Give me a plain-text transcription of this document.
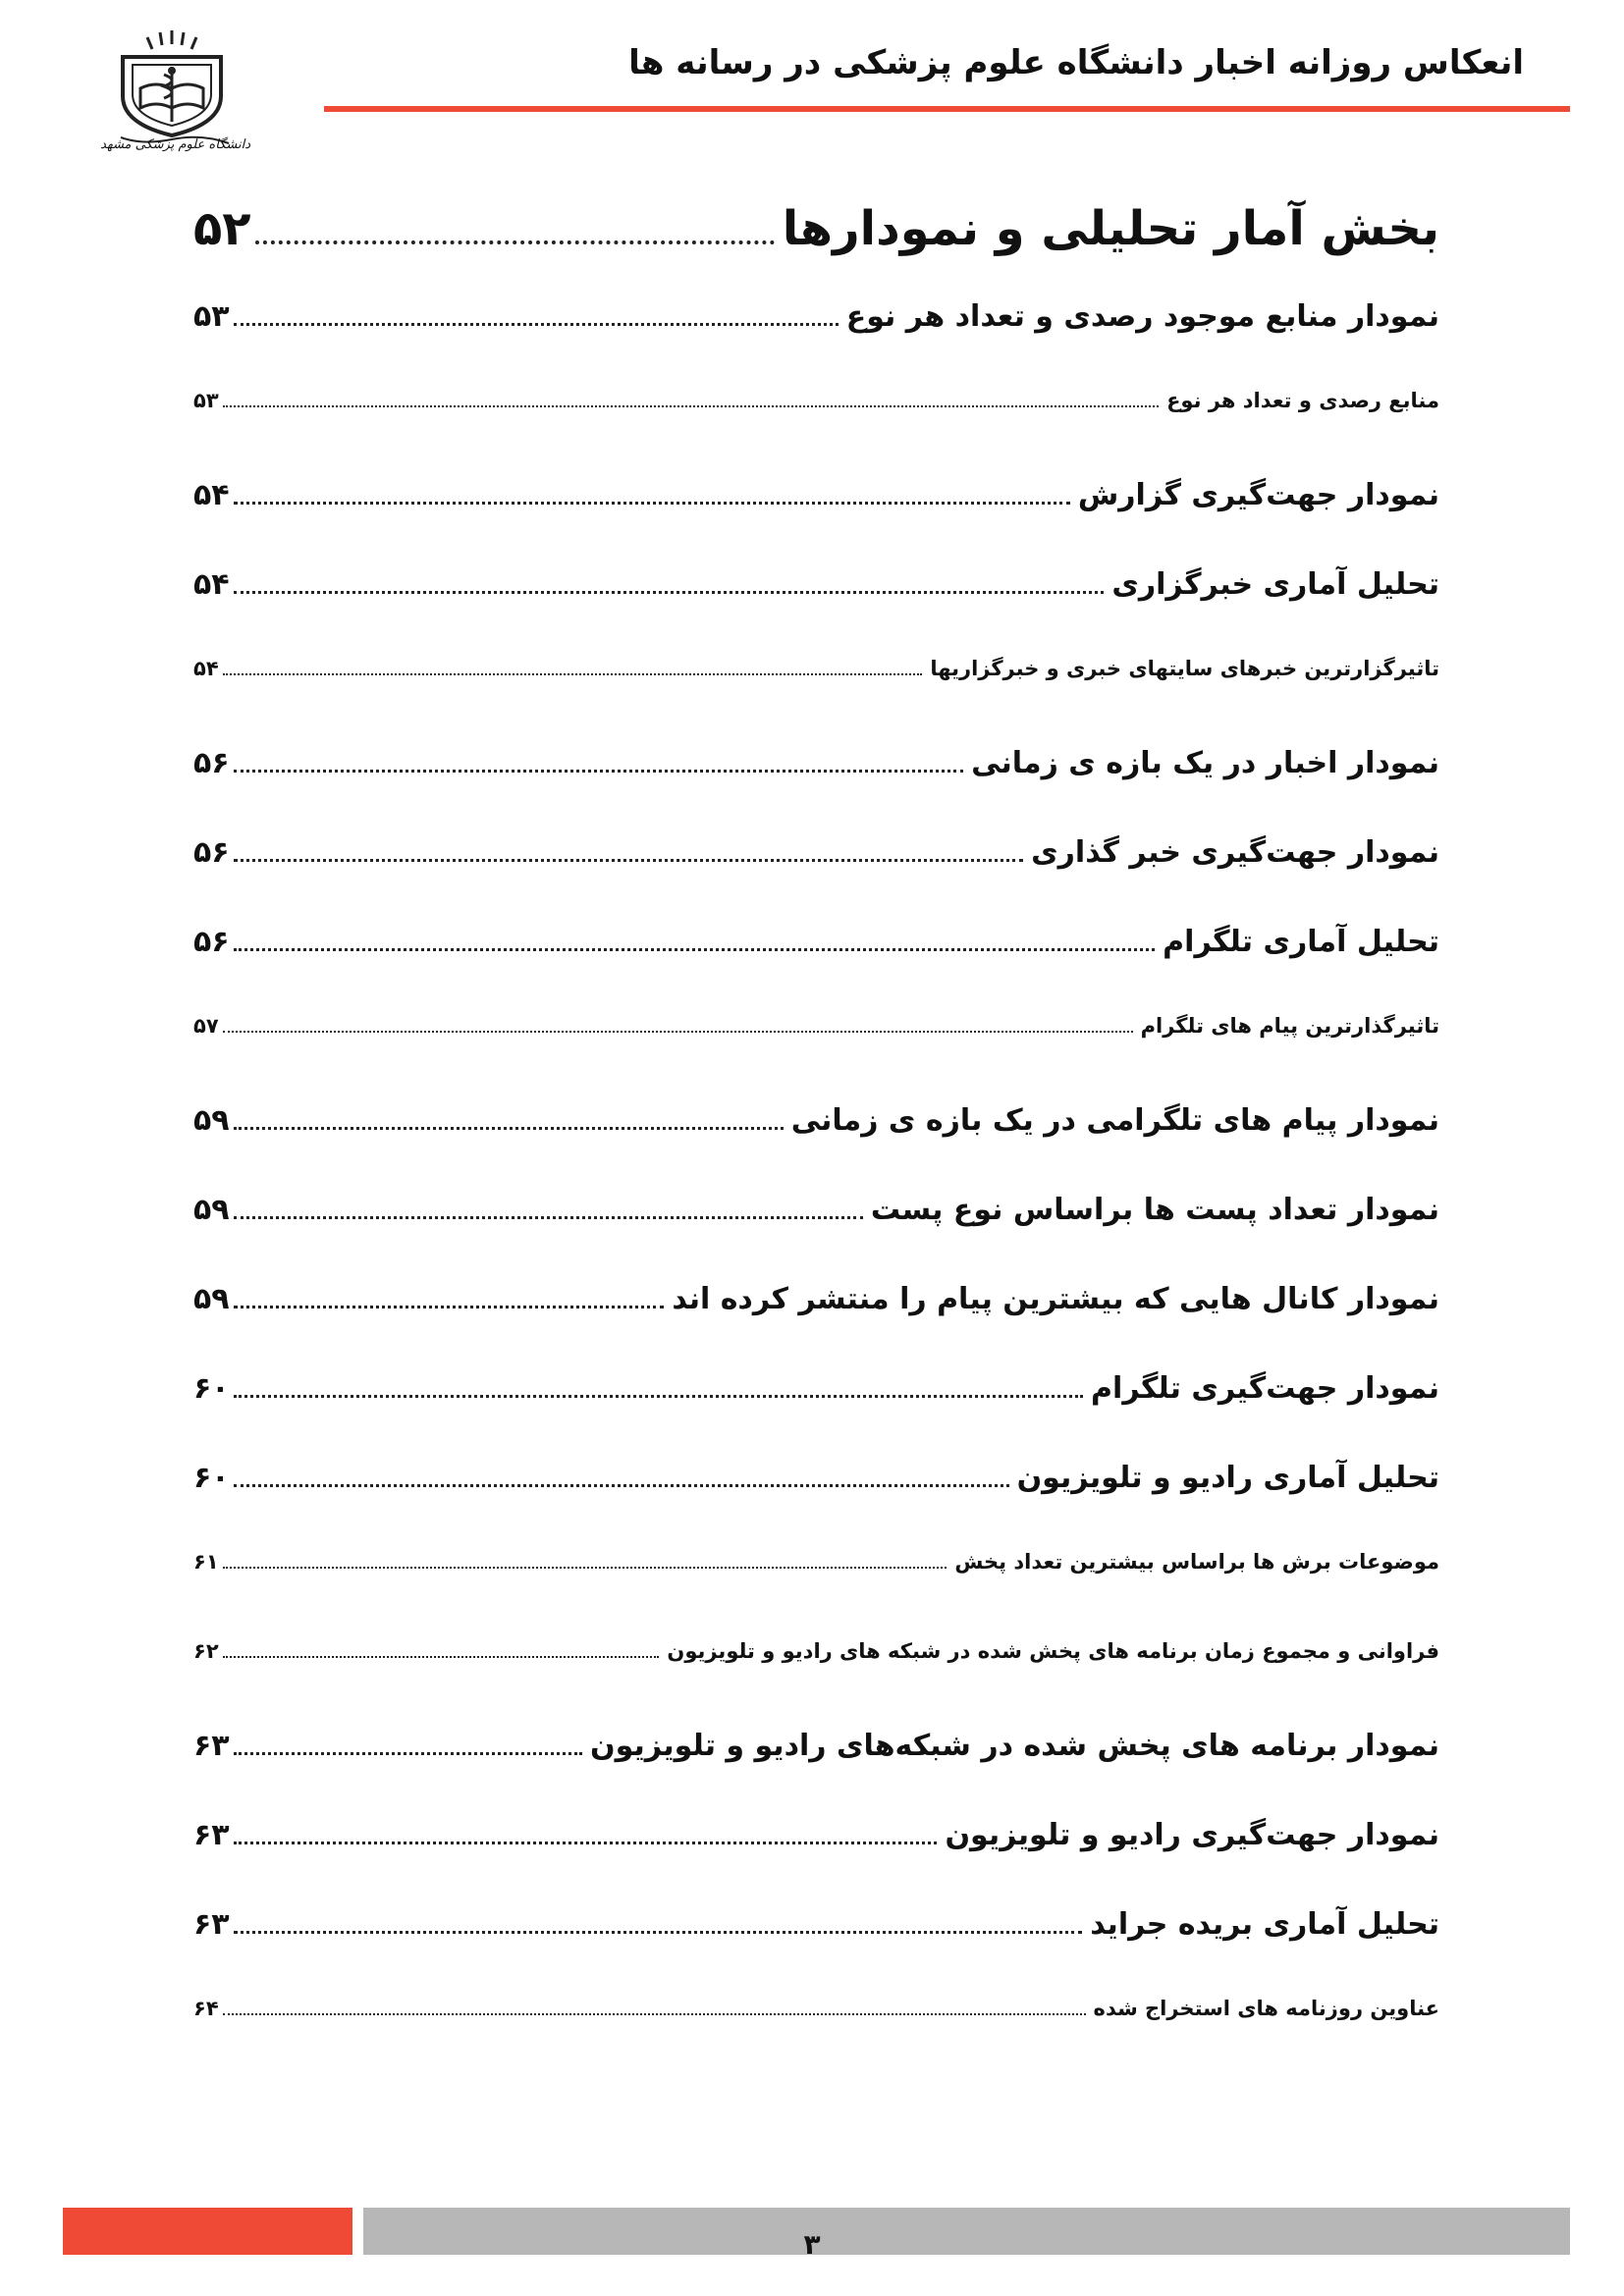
انعکاس روزانه اخبار دانشگاه علوم پزشکی در رسانه ها
دانشگاه علوم پزشکی مشهد
بخش آمار تحلیلی و نمودارها
۵۲
نمودار منابع موجود رصدی و تعداد هر نوع
۵۳
منابع رصدی و تعداد هر نوع
۵۳
نمودار جهت‌گیری گزارش
۵۴
تحلیل آماری خبرگزاری
۵۴
تاثیرگزارترین خبرهای سایتهای خبری و خبرگزاریها
۵۴
نمودار اخبار در یک بازه ی زمانی
۵۶
نمودار جهت‌گیری خبر گذاری
۵۶
تحلیل آماری تلگرام
۵۶
تاثیرگذارترین پیام های تلگرام
۵۷
نمودار پیام های تلگرامی در یک بازه ی زمانی
۵۹
نمودار تعداد پست ها براساس نوع پست
۵۹
نمودار کانال هایی که بیشترین پیام را منتشر کرده اند
۵۹
نمودار جهت‌گیری تلگرام
۶۰
تحلیل آماری رادیو و تلویزیون
۶۰
موضوعات برش ها براساس بیشترین تعداد پخش
۶۱
فراوانی و مجموع زمان برنامه های پخش شده در شبکه های رادیو و تلویزیون
۶۲
نمودار برنامه های پخش شده در شبکه‌های رادیو و تلویزیون
۶۳
نمودار جهت‌گیری رادیو و تلویزیون
۶۳
تحلیل آماری بریده جراید
۶۳
عناوین روزنامه های استخراج شده
۶۴
۳
